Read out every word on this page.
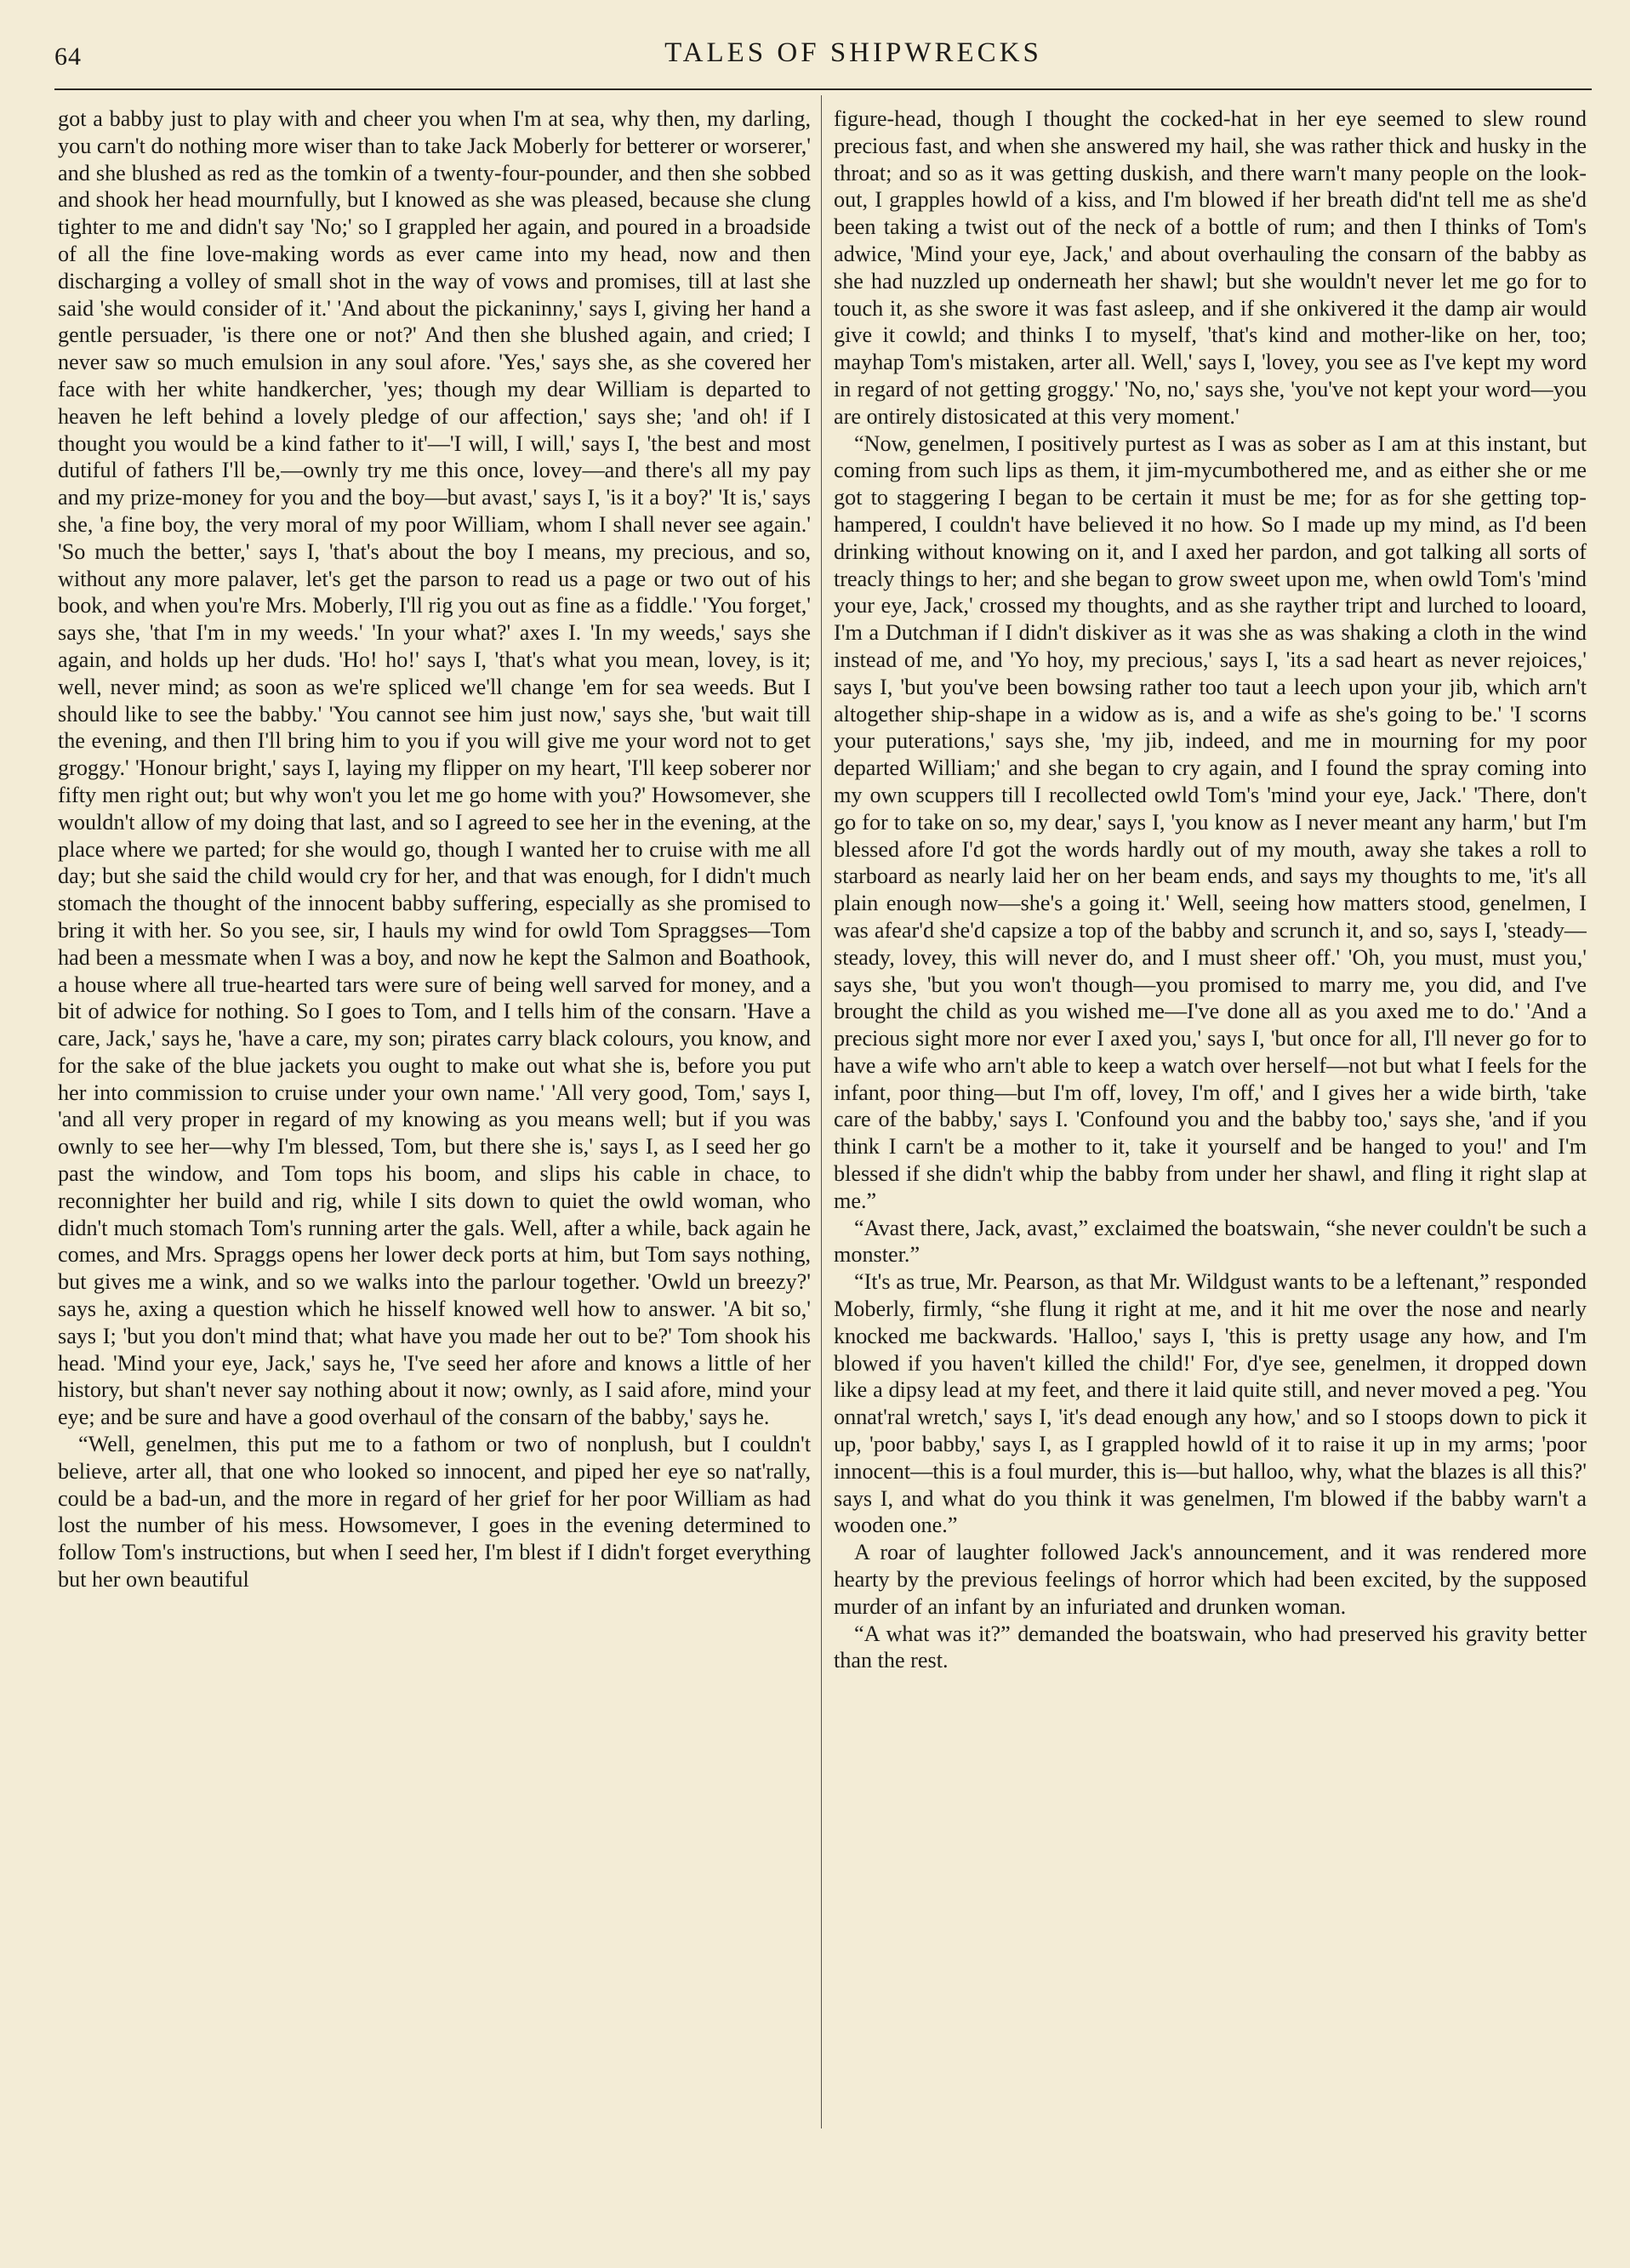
64	TALES OF SHIPWRECKS

got a babby just to play with and cheer you when I'm at sea, why then, my darling, you carn't do nothing more wiser than to take Jack Moberly for betterer or worserer,' and she blushed as red as the tomkin of a twenty-four-pounder, and then she sobbed and shook her head mournfully, but I knowed as she was pleased, because she clung tighter to me and didn't say 'No;' so I grappled her again, and poured in a broadside of all the fine love-making words as ever came into my head, now and then discharging a volley of small shot in the way of vows and promises, till at last she said 'she would consider of it.' 'And about the pickaninny,' says I, giving her hand a gentle persuader, 'is there one or not?' And then she blushed again, and cried; I never saw so much emulsion in any soul afore. 'Yes,' says she, as she covered her face with her white handkercher, 'yes; though my dear William is departed to heaven he left behind a lovely pledge of our affection,' says she; 'and oh! if I thought you would be a kind father to it'—'I will, I will,' says I, 'the best and most dutiful of fathers I'll be,—ownly try me this once, lovey—and there's all my pay and my prize-money for you and the boy—but avast,' says I, 'is it a boy?' 'It is,' says she, 'a fine boy, the very moral of my poor William, whom I shall never see again.' 'So much the better,' says I, 'that's about the boy I means, my precious, and so, without any more palaver, let's get the parson to read us a page or two out of his book, and when you're Mrs. Moberly, I'll rig you out as fine as a fiddle.' 'You forget,' says she, 'that I'm in my weeds.' 'In your what?' axes I. 'In my weeds,' says she again, and holds up her duds. 'Ho! ho!' says I, 'that's what you mean, lovey, is it; well, never mind; as soon as we're spliced we'll change 'em for sea weeds. But I should like to see the babby.' 'You cannot see him just now,' says she, 'but wait till the evening, and then I'll bring him to you if you will give me your word not to get groggy.' 'Honour bright,' says I, laying my flipper on my heart, 'I'll keep soberer nor fifty men right out; but why won't you let me go home with you?' Howsomever, she wouldn't allow of my doing that last, and so I agreed to see her in the evening, at the place where we parted; for she would go, though I wanted her to cruise with me all day; but she said the child would cry for her, and that was enough, for I didn't much stomach the thought of the innocent babby suffering, especially as she promised to bring it with her. So you see, sir, I hauls my wind for owld Tom Spraggses—Tom had been a messmate when I was a boy, and now he kept the Salmon and Boathook, a house where all true-hearted tars were sure of being well sarved for money, and a bit of adwice for nothing. So I goes to Tom, and I tells him of the consarn. 'Have a care, Jack,' says he, 'have a care, my son; pirates carry black colours, you know, and for the sake of the blue jackets you ought to make out what she is, before you put her into commission to cruise under your own name.' 'All very good, Tom,' says I, 'and all very proper in regard of my knowing as you means well; but if you was ownly to see her—why I'm blessed, Tom, but there she is,' says I, as I seed her go past the window, and Tom tops his boom, and slips his cable in chace, to reconnighter her build and rig, while I sits down to quiet the owld woman, who didn't much stomach Tom's running arter the gals. Well, after a while, back again he comes, and Mrs. Spraggs opens her lower deck ports at him, but Tom says nothing, but gives me a wink, and so we walks into the parlour together. 'Owld un breezy?' says he, axing a question which he hisself knowed well how to answer. 'A bit so,' says I; 'but you don't mind that; what have you made her out to be?' Tom shook his head. 'Mind your eye, Jack,' says he, 'I've seed her afore and knows a little of her history, but shan't never say nothing about it now; ownly, as I said afore, mind your eye; and be sure and have a good overhaul of the consarn of the babby,' says he.

“Well, genelmen, this put me to a fathom or two of nonplush, but I couldn't believe, arter all, that one who looked so innocent, and piped her eye so nat'rally, could be a bad-un, and the more in regard of her grief for her poor William as had lost the number of his mess. Howsomever, I goes in the evening determined to follow Tom's instructions, but when I seed her, I'm blest if I didn't forget everything but her own beautiful

figure-head, though I thought the cocked-hat in her eye seemed to slew round precious fast, and when she answered my hail, she was rather thick and husky in the throat; and so as it was getting duskish, and there warn't many people on the look-out, I grapples howld of a kiss, and I'm blowed if her breath did'nt tell me as she'd been taking a twist out of the neck of a bottle of rum; and then I thinks of Tom's adwice, 'Mind your eye, Jack,' and about overhauling the consarn of the babby as she had nuzzled up onderneath her shawl; but she wouldn't never let me go for to touch it, as she swore it was fast asleep, and if she onkivered it the damp air would give it cowld; and thinks I to myself, 'that's kind and mother-like on her, too; mayhap Tom's mistaken, arter all. Well,' says I, 'lovey, you see as I've kept my word in regard of not getting groggy.' 'No, no,' says she, 'you've not kept your word—you are ontirely distosicated at this very moment.'

“Now, genelmen, I positively purtest as I was as sober as I am at this instant, but coming from such lips as them, it jim-mycumbothered me, and as either she or me got to staggering I began to be certain it must be me; for as for she getting top-hampered, I couldn't have believed it no how. So I made up my mind, as I'd been drinking without knowing on it, and I axed her pardon, and got talking all sorts of treacly things to her; and she began to grow sweet upon me, when owld Tom's 'mind your eye, Jack,' crossed my thoughts, and as she rayther tript and lurched to looard, I'm a Dutchman if I didn't diskiver as it was she as was shaking a cloth in the wind instead of me, and 'Yo hoy, my precious,' says I, 'its a sad heart as never rejoices,' says I, 'but you've been bowsing rather too taut a leech upon your jib, which arn't altogether ship-shape in a widow as is, and a wife as she's going to be.' 'I scorns your puterations,' says she, 'my jib, indeed, and me in mourning for my poor departed William;' and she began to cry again, and I found the spray coming into my own scuppers till I recollected owld Tom's 'mind your eye, Jack.' 'There, don't go for to take on so, my dear,' says I, 'you know as I never meant any harm,' but I'm blessed afore I'd got the words hardly out of my mouth, away she takes a roll to starboard as nearly laid her on her beam ends, and says my thoughts to me, 'it's all plain enough now—she's a going it.' Well, seeing how matters stood, genelmen, I was afear'd she'd capsize a top of the babby and scrunch it, and so, says I, 'steady—steady, lovey, this will never do, and I must sheer off.' 'Oh, you must, must you,' says she, 'but you won't though—you promised to marry me, you did, and I've brought the child as you wished me—I've done all as you axed me to do.' 'And a precious sight more nor ever I axed you,' says I, 'but once for all, I'll never go for to have a wife who arn't able to keep a watch over herself—not but what I feels for the infant, poor thing—but I'm off, lovey, I'm off,' and I gives her a wide birth, 'take care of the babby,' says I. 'Confound you and the babby too,' says she, 'and if you think I carn't be a mother to it, take it yourself and be hanged to you!' and I'm blessed if she didn't whip the babby from under her shawl, and fling it right slap at me.”

“Avast there, Jack, avast,” exclaimed the boatswain, “she never couldn't be such a monster.”

“It's as true, Mr. Pearson, as that Mr. Wildgust wants to be a leftenant,” responded Moberly, firmly, “she flung it right at me, and it hit me over the nose and nearly knocked me backwards. 'Halloo,' says I, 'this is pretty usage any how, and I'm blowed if you haven't killed the child!' For, d'ye see, genelmen, it dropped down like a dipsy lead at my feet, and there it laid quite still, and never moved a peg. 'You onnat'ral wretch,' says I, 'it's dead enough any how,' and so I stoops down to pick it up, 'poor babby,' says I, as I grappled howld of it to raise it up in my arms; 'poor innocent—this is a foul murder, this is—but halloo, why, what the blazes is all this?' says I, and what do you think it was genelmen, I'm blowed if the babby warn't a wooden one.”

A roar of laughter followed Jack's announcement, and it was rendered more hearty by the previous feelings of horror which had been excited, by the supposed murder of an infant by an infuriated and drunken woman.

“A what was it?” demanded the boatswain, who had preserved his gravity better than the rest.
